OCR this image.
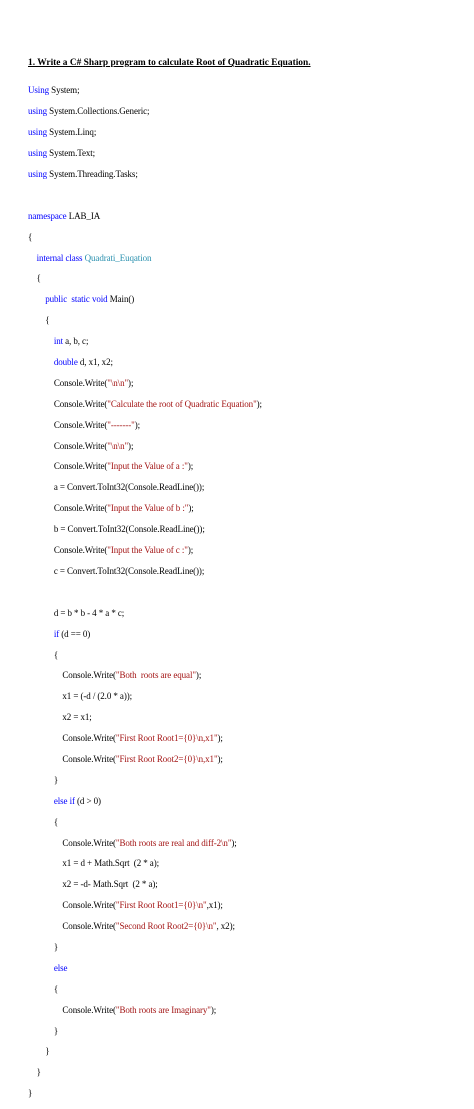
1. Write a C# Sharp program to calculate Root of Quadratic Equation.

Using System;

using System.Collections.Generic;

using System.Linq;

using System.Text;

using System.Threading.Tasks;

namespace LAB_IA

{

internal class Quadrati_Euqation

{

public static void Main()

{

int a, b, c;

double d, x1, x2;

Console.Write("\n\n");

Console.Write("Calculate the root of Quadratic Equation");

Console.Write("-------");

Console.Write("\n\n");

Console.Write("Input the Value of a :");

a = Convert.ToInt32(Console.ReadLine());

Console.Write("Input the Value of b :");

b = Convert.ToInt32(Console.ReadLine());

Console.Write("Input the Value of c :");

c = Convert.ToInt32(Console.ReadLine());

d = b * b - 4 * a * c;

if (d == 0)

{

Console.Write("Both  roots are equal");

x1 = (-d / (2.0 * a));

x2 = x1;

Console.Write("First Root Root1={0}\n,x1");

Console.Write("First Root Root2={0}\n,x1");

}

else if (d > 0)

{

Console.Write("Both roots are real and diff-2\n");

x1 = d + Math.Sqrt  (2 * a);

x2 = -d- Math.Sqrt  (2 * a);

Console.Write("First Root Root1={0}\n",x1);

Console.Write("Second Root Root2={0}\n", x2);

}

else

{

Console.Write("Both roots are Imaginary");

}

}

}

}
